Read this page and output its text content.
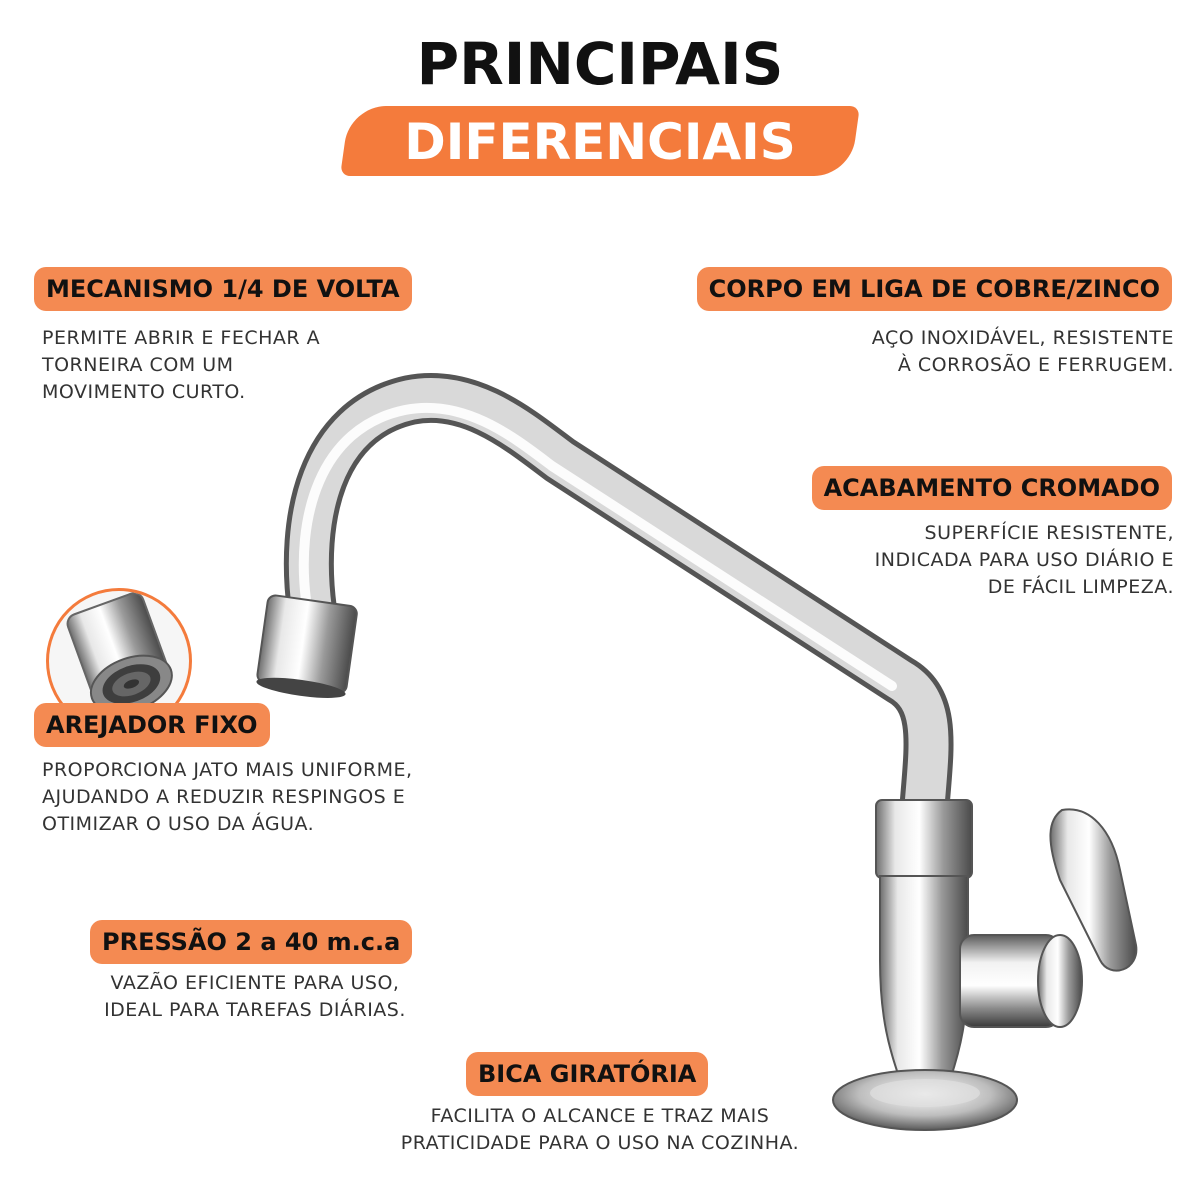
PRINCIPAIS
DIFERENCIAIS
MECANISMO 1/4 DE VOLTA
PERMITE ABRIR E FECHAR A
TORNEIRA COM UM
MOVIMENTO CURTO.
CORPO EM LIGA DE COBRE/ZINCO
AÇO INOXIDÁVEL, RESISTENTE
À CORROSÃO E FERRUGEM.
ACABAMENTO CROMADO
SUPERFÍCIE RESISTENTE,
INDICADA PARA USO DIÁRIO E
DE FÁCIL LIMPEZA.
AREJADOR FIXO
PROPORCIONA JATO MAIS UNIFORME,
AJUDANDO A REDUZIR RESPINGOS E
OTIMIZAR O USO DA ÁGUA.
PRESSÃO 2 a 40 m.c.a
VAZÃO EFICIENTE PARA USO,
IDEAL PARA TAREFAS DIÁRIAS.
BICA GIRATÓRIA
FACILITA O ALCANCE E TRAZ MAIS
PRATICIDADE PARA O USO NA COZINHA.
